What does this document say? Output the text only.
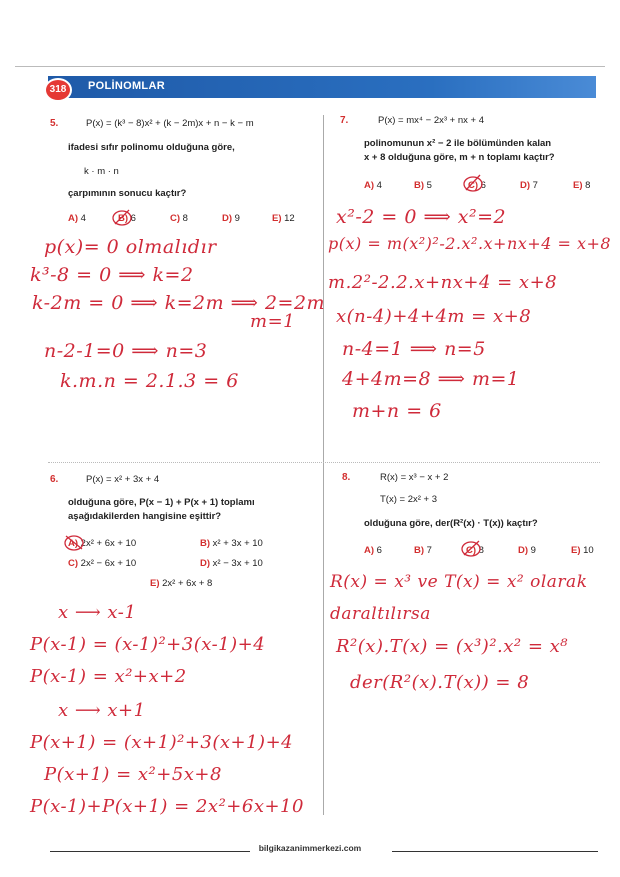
318	POLİNOMLAR
5.	P(x) = (k³ − 8)x² + (k − 2m)x + n − k − m
ifadesi sıfır polinomu olduğuna göre,
k · m · n
çarpımının sonucu kaçtır?
A) 4	B) 6	C) 8	D) 9	E) 12
p(x)= 0 olmalıdır
k³-8 = 0 ⟹ k=2
k-2m = 0 ⟹ k=2m ⟹ 2=2m
m=1
n-2-1=0 ⟹ n=3
k.m.n = 2.1.3 = 6
7.	P(x) = mx⁴ − 2x³ + nx + 4
polinomunun x² − 2 ile bölümünden kalan
x + 8 olduğuna göre, m + n toplamı kaçtır?
A) 4	B) 5	C) 6	D) 7	E) 8
x²-2 = 0 ⟹ x²=2
p(x) = m(x²)²-2.x².x+nx+4 = x+8
m.2²-2.2.x+nx+4 = x+8
x(n-4)+4+4m = x+8
n-4=1 ⟹ n=5
4+4m=8 ⟹ m=1
m+n = 6
6.	P(x) = x² + 3x + 4
olduğuna göre, P(x − 1) + P(x + 1) toplamı
aşağıdakilerden hangisine eşittir?
A) 2x² + 6x + 10	B) x² + 3x + 10
C) 2x² − 6x + 10	D) x² − 3x + 10
E) 2x² + 6x + 8
x ⟶ x-1
P(x-1) = (x-1)²+3(x-1)+4
P(x-1) = x²+x+2
x ⟶ x+1
P(x+1) = (x+1)²+3(x+1)+4
P(x+1) = x²+5x+8
P(x-1)+P(x+1) = 2x²+6x+10
8.	R(x) = x³ − x + 2
T(x) = 2x² + 3
olduğuna göre, der(R²(x) · T(x)) kaçtır?
A) 6	B) 7	C) 8	D) 9	E) 10
R(x) = x³ ve T(x) = x² olarak
daraltılırsa
R²(x).T(x) = (x³)².x² = x⁸
der(R²(x).T(x)) = 8
bilgikazanimmerkezi.com
